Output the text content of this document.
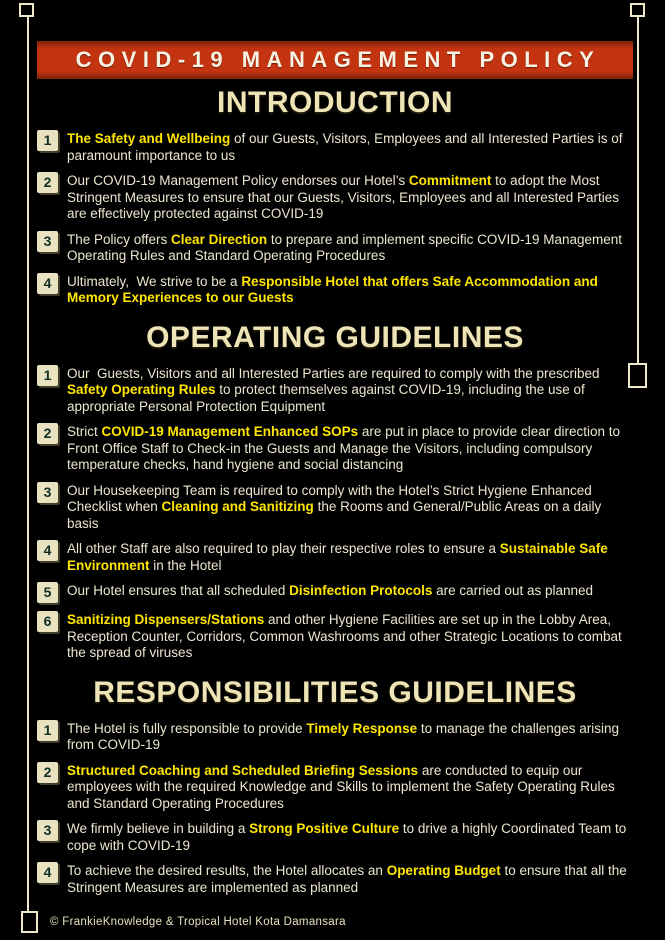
COVID-19 MANAGEMENT POLICY
INTRODUCTION
1	The Safety and Wellbeing of our Guests, Visitors, Employees and all Interested Parties is of paramount importance to us

2	Our COVID-19 Management Policy endorses our Hotel’s Commitment to adopt the Most Stringent Measures to ensure that our Guests, Visitors, Employees and all Interested Parties are effectively protected against COVID-19

3	The Policy offers Clear Direction to prepare and implement specific COVID-19 Management Operating Rules and Standard Operating Procedures

4	Ultimately,  We strive to be a Responsible Hotel that offers Safe Accommodation and Memory Experiences to our Guests

OPERATING GUIDELINES
1	Our  Guests, Visitors and all Interested Parties are required to comply with the prescribed Safety Operating Rules to protect themselves against COVID-19, including the use of appropriate Personal Protection Equipment

2	Strict COVID-19 Management Enhanced SOPs are put in place to provide clear direction to Front Office Staff to Check-in the Guests and Manage the Visitors, including compulsory temperature checks, hand hygiene and social distancing

3	Our Housekeeping Team is required to comply with the Hotel’s Strict Hygiene Enhanced Checklist when Cleaning and Sanitizing the Rooms and General/Public Areas on a daily basis

4	All other Staff are also required to play their respective roles to ensure a Sustainable Safe Environment in the Hotel

5	Our Hotel ensures that all scheduled Disinfection Protocols are carried out as planned

6	Sanitizing Dispensers/Stations and other Hygiene Facilities are set up in the Lobby Area, Reception Counter, Corridors, Common Washrooms and other Strategic Locations to combat the spread of viruses

RESPONSIBILITIES GUIDELINES
1	The Hotel is fully responsible to provide Timely Response to manage the challenges arising from COVID-19

2	Structured Coaching and Scheduled Briefing Sessions are conducted to equip our employees with the required Knowledge and Skills to implement the Safety Operating Rules and Standard Operating Procedures

3	We firmly believe in building a Strong Positive Culture to drive a highly Coordinated Team to cope with COVID-19

4	To achieve the desired results, the Hotel allocates an Operating Budget to ensure that all the Stringent Measures are implemented as planned

© FrankieKnowledge & Tropical Hotel Kota Damansara
